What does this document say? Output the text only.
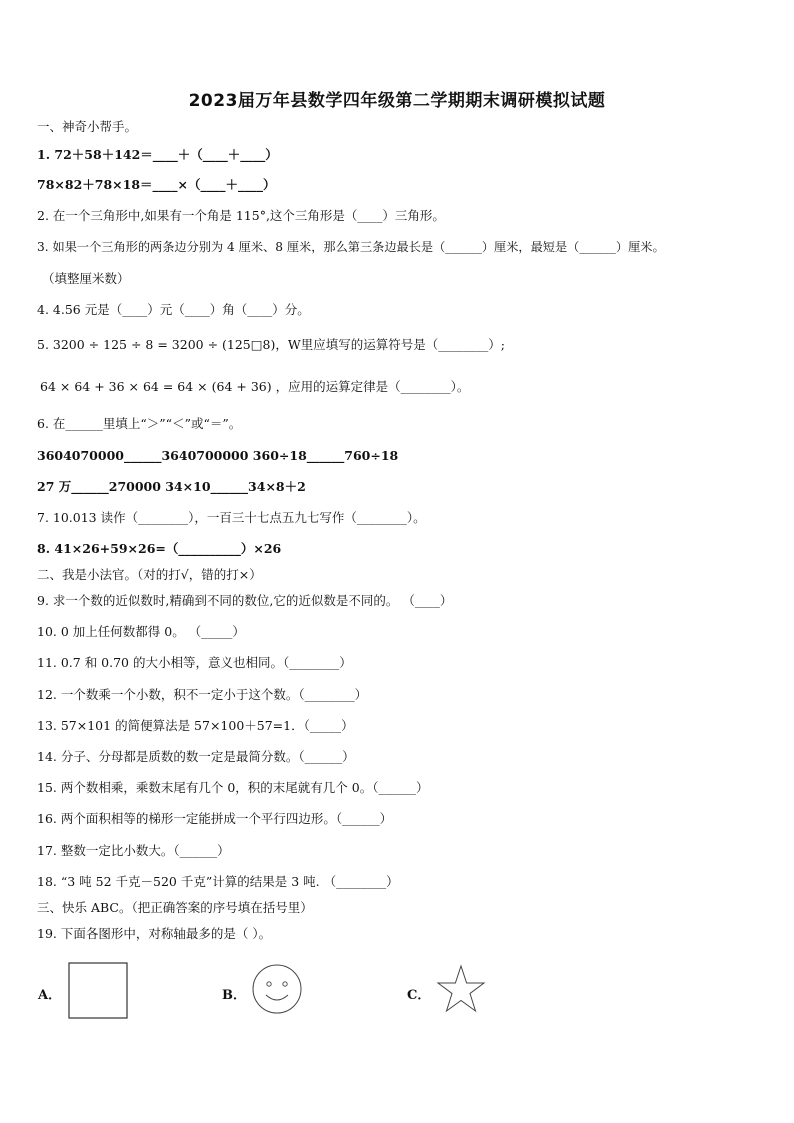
2023届万年县数学四年级第二学期期末调研模拟试题
一、神奇小帮手。
1. 72＋58＋142＝____＋（____＋____）
78×82＋78×18＝____×（____＋____）
2. 在一个三角形中,如果有一个角是 115°,这个三角形是（____）三角形。
3. 如果一个三角形的两条边分别为 4 厘米、8 厘米，那么第三条边最长是（______）厘米，最短是（______）厘米。
（填整厘米数）
4. 4.56 元是（____）元（____）角（____）分。
5. 3200 ÷ 125 ÷ 8 = 3200 ÷ (125□8)，W里应填写的运算符号是（________）;
64 × 64 + 36 × 64 = 64 × (64 + 36) ，应用的运算定律是（________）。
6. 在______里填上“＞”“＜”或“＝”。
3604070000______3640700000 360÷18______760÷18
27 万______270000 34×10______34×8＋2
7. 10.013 读作（________），一百三十七点五九七写作（________）。
8. 41×26+59×26=（__________）×26
二、我是小法官。（对的打√，错的打×）
9. 求一个数的近似数时,精确到不同的数位,它的近似数是不同的。 （____）
10. 0 加上任何数都得 0。 （_____）
11. 0.7 和 0.70 的大小相等，意义也相同。（________）
12. 一个数乘一个小数，积不一定小于这个数。（________）
13. 57×101 的简便算法是 57×100＋57=1．（_____）
14. 分子、分母都是质数的数一定是最简分数。（______）
15. 两个数相乘，乘数末尾有几个 0，积的末尾就有几个 0。（______）
16. 两个面积相等的梯形一定能拼成一个平行四边形。（______）
17. 整数一定比小数大。（______）
18. “3 吨 52 千克－520 千克”计算的结果是 3 吨. （________）
三、快乐 ABC。（把正确答案的序号填在括号里）
19. 下面各图形中，对称轴最多的是（ ）。
A．	B．	C．
